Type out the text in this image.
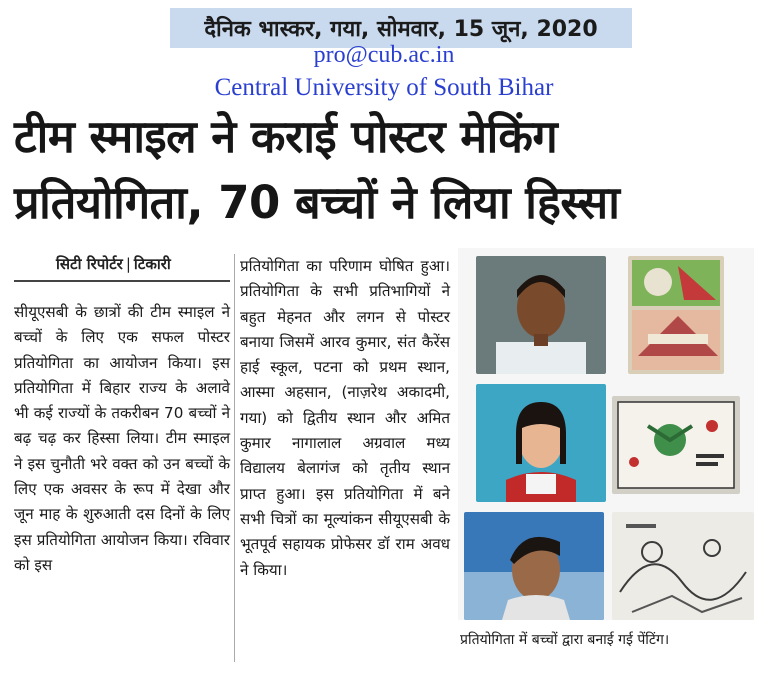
दैनिक भास्कर, गया, सोमवार, 15 जून, 2020
pro@cub.ac.in
Central University of South Bihar
टीम स्माइल ने कराई पोस्टर मेकिंग
प्रतियोगिता, 70 बच्चों ने लिया हिस्सा
सिटी रिपोर्टर | टिकारी
सीयूएसबी के छात्रों की टीम स्माइल ने बच्चों के लिए एक सफल पोस्टर प्रतियोगिता का आयोजन किया। इस प्रतियोगिता में बिहार राज्य के अलावे भी कई राज्यों के तकरीबन 70 बच्चों ने बढ़ चढ़ कर हिस्सा लिया। टीम स्माइल ने इस चुनौती भरे वक्त को उन बच्चों के लिए एक अवसर के रूप में देखा और जून माह के शुरुआती दस दिनों के लिए इस प्रतियोगिता आयोजन किया। रविवार को इस
प्रतियोगिता का परिणाम घोषित हुआ। प्रतियोगिता के सभी प्रतिभागियों ने बहुत मेहनत और लगन से पोस्टर बनाया जिसमें आरव कुमार, संत कैरेंस हाई स्कूल, पटना को प्रथम स्थान, आस्मा अहसान, (नाज़रेथ अकादमी, गया) को द्वितीय स्थान और अमित कुमार नागालाल अग्रवाल मध्य विद्यालय बेलागंज को तृतीय स्थान प्राप्त हुआ। इस प्रतियोगिता में बने सभी चित्रों का मूल्यांकन सीयूएसबी के भूतपूर्व सहायक प्रोफेसर डॉ राम अवध ने किया।
प्रतियोगिता में बच्चों द्वारा बनाई गई पेंटिंग।
